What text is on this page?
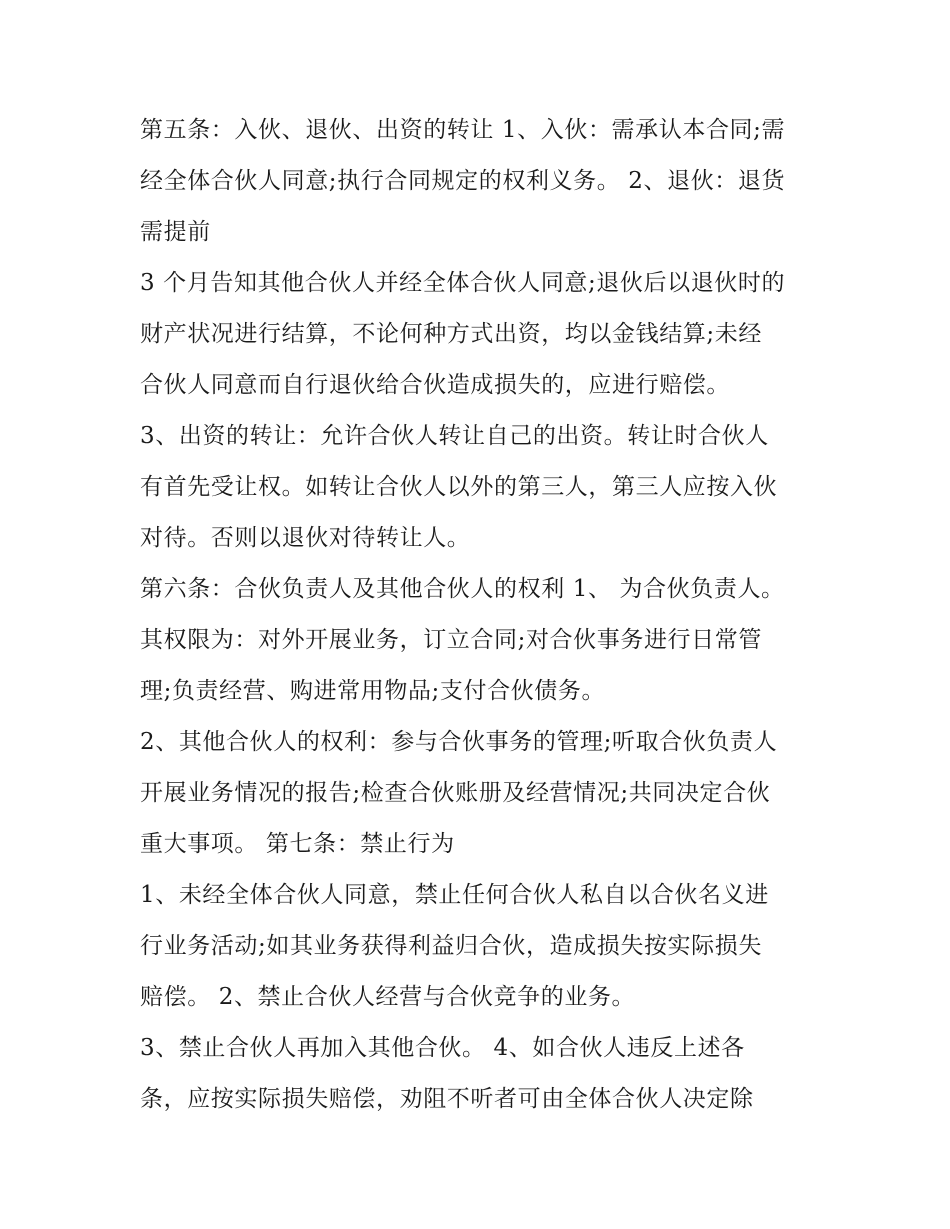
第五条：入伙、退伙、出资的转让 1、入伙：需承认本合同;需
经全体合伙人同意;执行合同规定的权利义务。 2、退伙：退货
需提前
3 个月告知其他合伙人并经全体合伙人同意;退伙后以退伙时的
财产状况进行结算，不论何种方式出资，均以金钱结算;未经
合伙人同意而自行退伙给合伙造成损失的，应进行赔偿。
3、出资的转让：允许合伙人转让自己的出资。转让时合伙人
有首先受让权。如转让合伙人以外的第三人，第三人应按入伙
对待。否则以退伙对待转让人。
第六条：合伙负责人及其他合伙人的权利 1、 为合伙负责人。
其权限为：对外开展业务，订立合同;对合伙事务进行日常管
理;负责经营、购进常用物品;支付合伙债务。
2、其他合伙人的权利：参与合伙事务的管理;听取合伙负责人
开展业务情况的报告;检查合伙账册及经营情况;共同决定合伙
重大事项。 第七条：禁止行为
1、未经全体合伙人同意，禁止任何合伙人私自以合伙名义进
行业务活动;如其业务获得利益归合伙，造成损失按实际损失
赔偿。 2、禁止合伙人经营与合伙竞争的业务。
3、禁止合伙人再加入其他合伙。 4、如合伙人违反上述各
条，应按实际损失赔偿，劝阻不听者可由全体合伙人决定除
